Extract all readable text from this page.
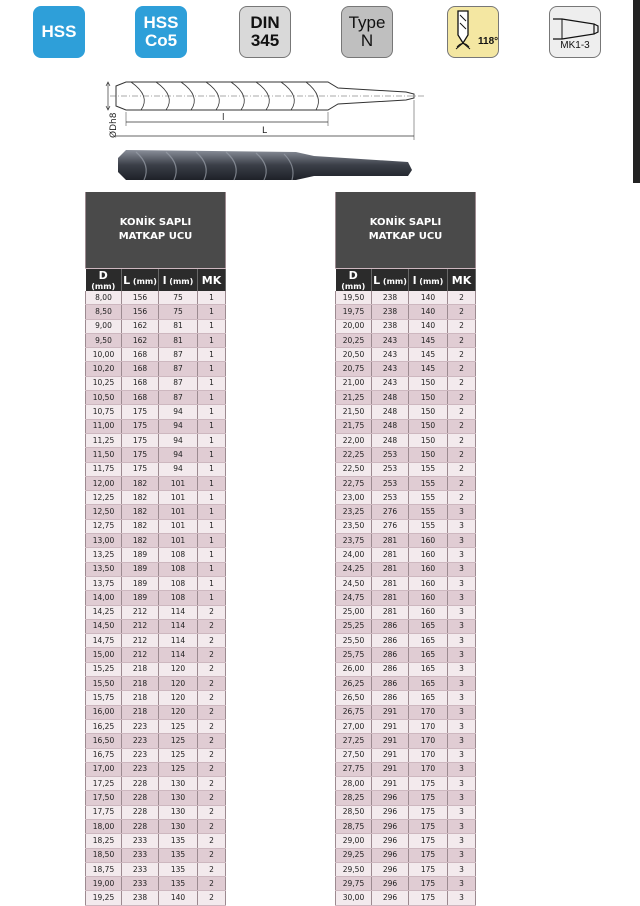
HSS	HSS
Co5
DIN
345
Type
N	118°	MK1-3
ØDh8	l
L
KONİK SAPLI
MATKAP UCU			

D (mm)	L (mm)	l (mm)	MK
8,00	156	75	1
8,50	156	75	1
9,00	162	81	1
9,50	162	81	1
10,00	168	87	1
10,20	168	87	1
10,25	168	87	1
10,50	168	87	1
10,75	175	94	1
11,00	175	94	1
11,25	175	94	1
11,50	175	94	1
11,75	175	94	1
12,00	182	101	1
12,25	182	101	1
12,50	182	101	1
12,75	182	101	1
13,00	182	101	1
13,25	189	108	1
13,50	189	108	1
13,75	189	108	1
14,00	189	108	1
14,25	212	114	2
14,50	212	114	2
14,75	212	114	2
15,00	212	114	2
15,25	218	120	2
15,50	218	120	2
15,75	218	120	2
16,00	218	120	2
16,25	223	125	2
16,50	223	125	2
16,75	223	125	2
17,00	223	125	2
17,25	228	130	2
17,50	228	130	2
17,75	228	130	2
18,00	228	130	2
18,25	233	135	2
18,50	233	135	2
18,75	233	135	2
19,00	233	135	2
19,25	238	140	2
KONİK SAPLI
MATKAP UCU			

D (mm)	L (mm)	l (mm)	MK
19,50	238	140	2
19,75	238	140	2
20,00	238	140	2
20,25	243	145	2
20,50	243	145	2
20,75	243	145	2
21,00	243	150	2
21,25	248	150	2
21,50	248	150	2
21,75	248	150	2
22,00	248	150	2
22,25	253	150	2
22,50	253	155	2
22,75	253	155	2
23,00	253	155	2
23,25	276	155	3
23,50	276	155	3
23,75	281	160	3
24,00	281	160	3
24,25	281	160	3
24,50	281	160	3
24,75	281	160	3
25,00	281	160	3
25,25	286	165	3
25,50	286	165	3
25,75	286	165	3
26,00	286	165	3
26,25	286	165	3
26,50	286	165	3
26,75	291	170	3
27,00	291	170	3
27,25	291	170	3
27,50	291	170	3
27,75	291	170	3
28,00	291	175	3
28,25	296	175	3
28,50	296	175	3
28,75	296	175	3
29,00	296	175	3
29,25	296	175	3
29,50	296	175	3
29,75	296	175	3
30,00	296	175	3
